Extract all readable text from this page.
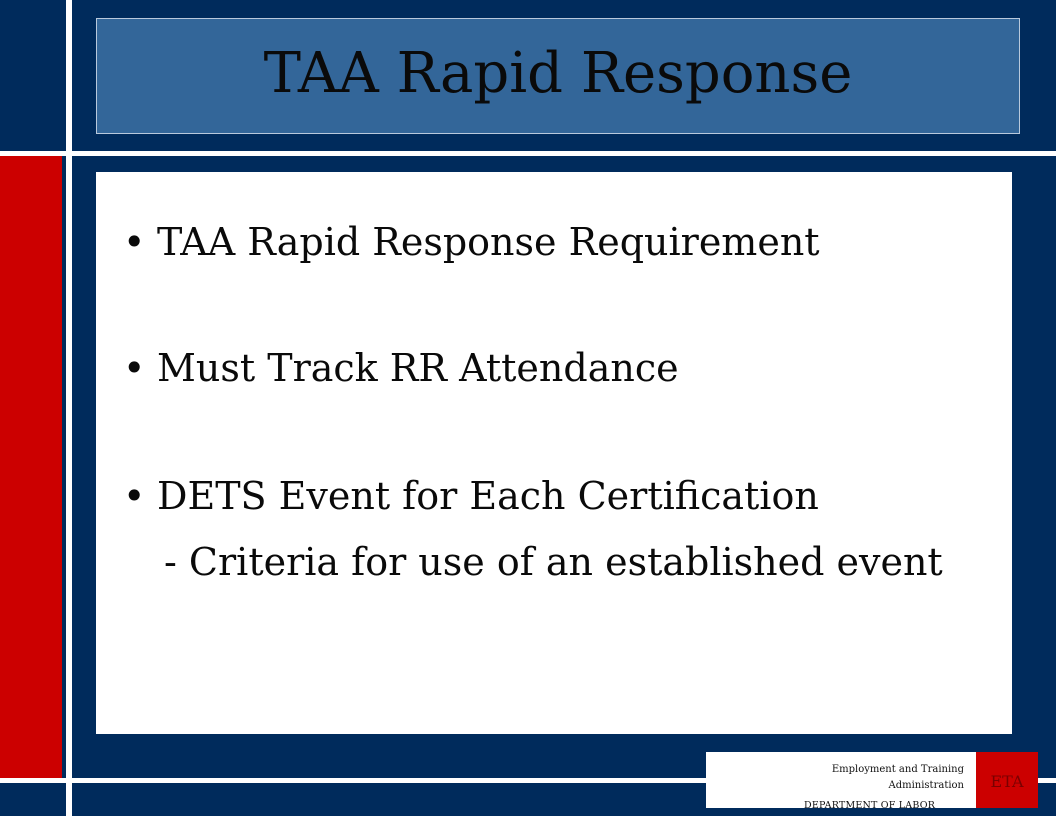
TAA Rapid Response
• TAA Rapid Response Requirement
• Must Track RR Attendance
• DETS Event for Each Certification
- Criteria for use of an established event
Employment and Training
Administration
DEPARTMENT OF LABOR
ETA
